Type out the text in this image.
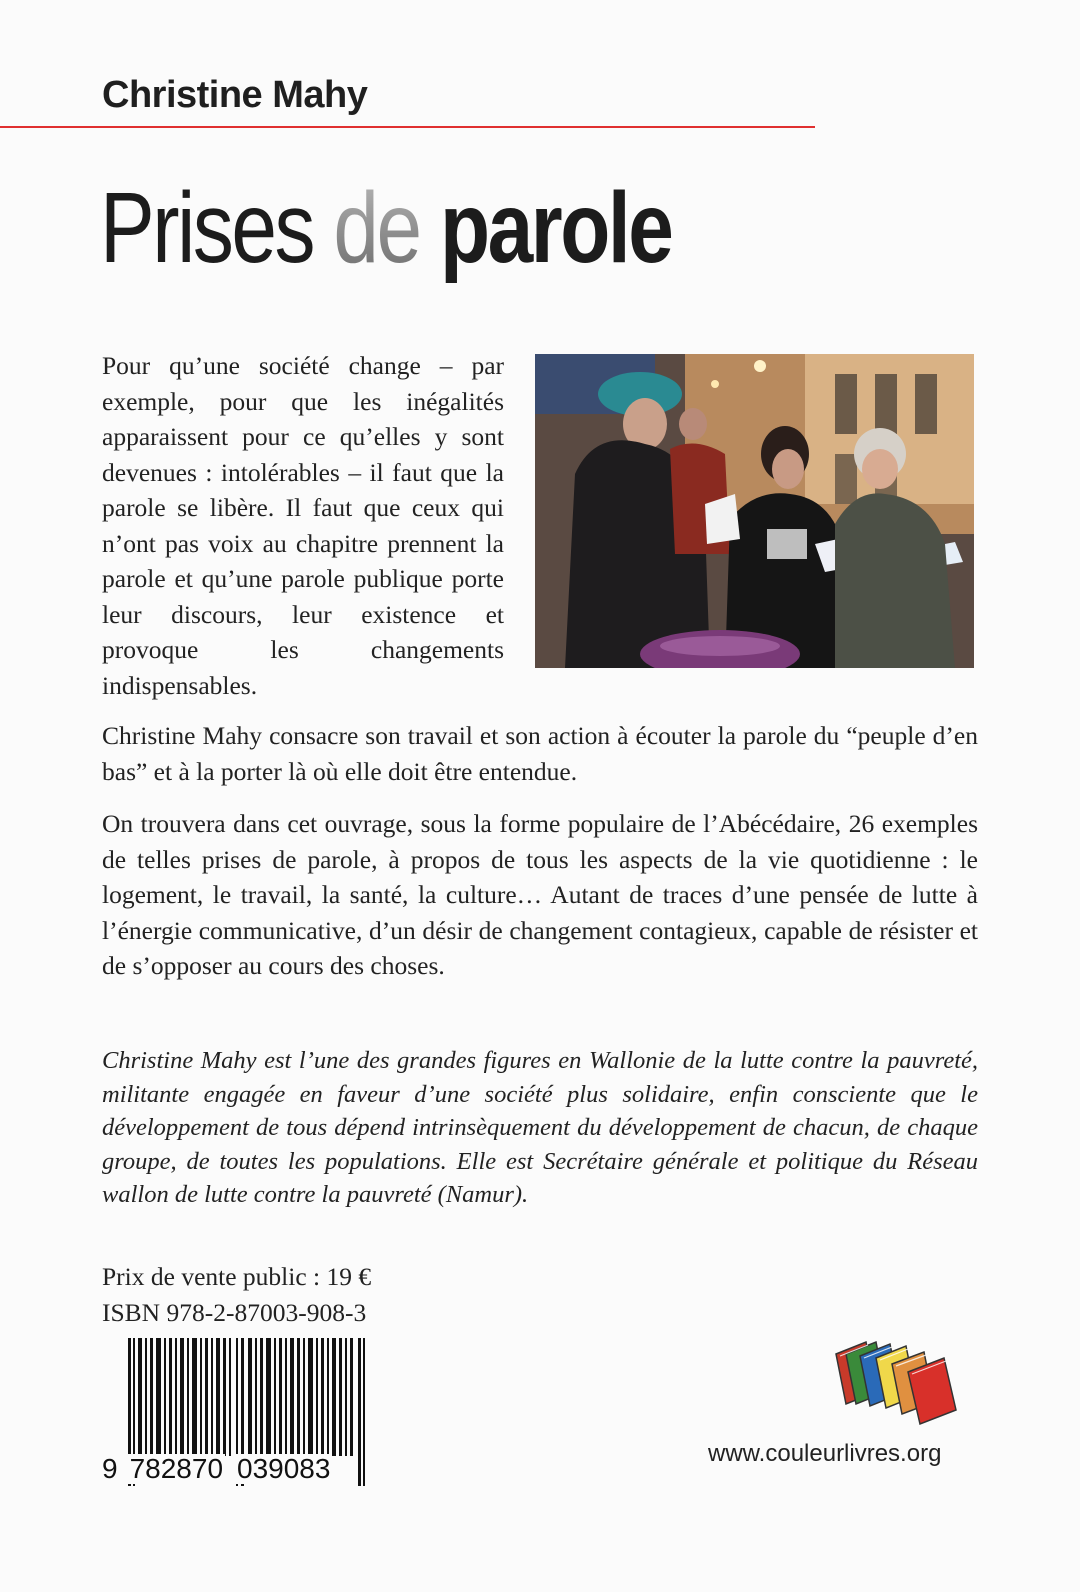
Christine Mahy
Prises de parole

Pour qu’une société change – par exemple, pour que les inégalités apparaissent pour ce qu’elles y sont devenues : intolérables – il faut que la parole se libère. Il faut que ceux qui n’ont pas voix au chapitre prennent la parole et qu’une parole publique porte leur discours, leur existence et provoque les changements indispensables.

Christine Mahy consacre son travail et son action à écouter la parole du “peuple d’en bas” et à la porter là où elle doit être entendue.

On trouvera dans cet ouvrage, sous la forme populaire de l’Abécédaire, 26 exemples de telles prises de parole, à propos de tous les aspects de la vie quotidienne : le logement, le travail, la santé, la culture… Autant de traces d’une pensée de lutte à l’énergie communicative, d’un désir de changement contagieux, capable de résister et de s’opposer au cours des choses.

Christine Mahy est l’une des grandes figures en Wallonie de la lutte contre la pauvreté, militante engagée en faveur d’une société plus solidaire, enfin consciente que le développement de tous dépend intrinsèquement du développement de chacun, de chaque groupe, de toutes les populations. Elle est Secrétaire générale et politique du Réseau wallon de lutte contre la pauvreté (Namur).

Prix de vente public : 19 €
ISBN 978-2-87003-908-3
9 782870 039083	www.couleurlivres.org
